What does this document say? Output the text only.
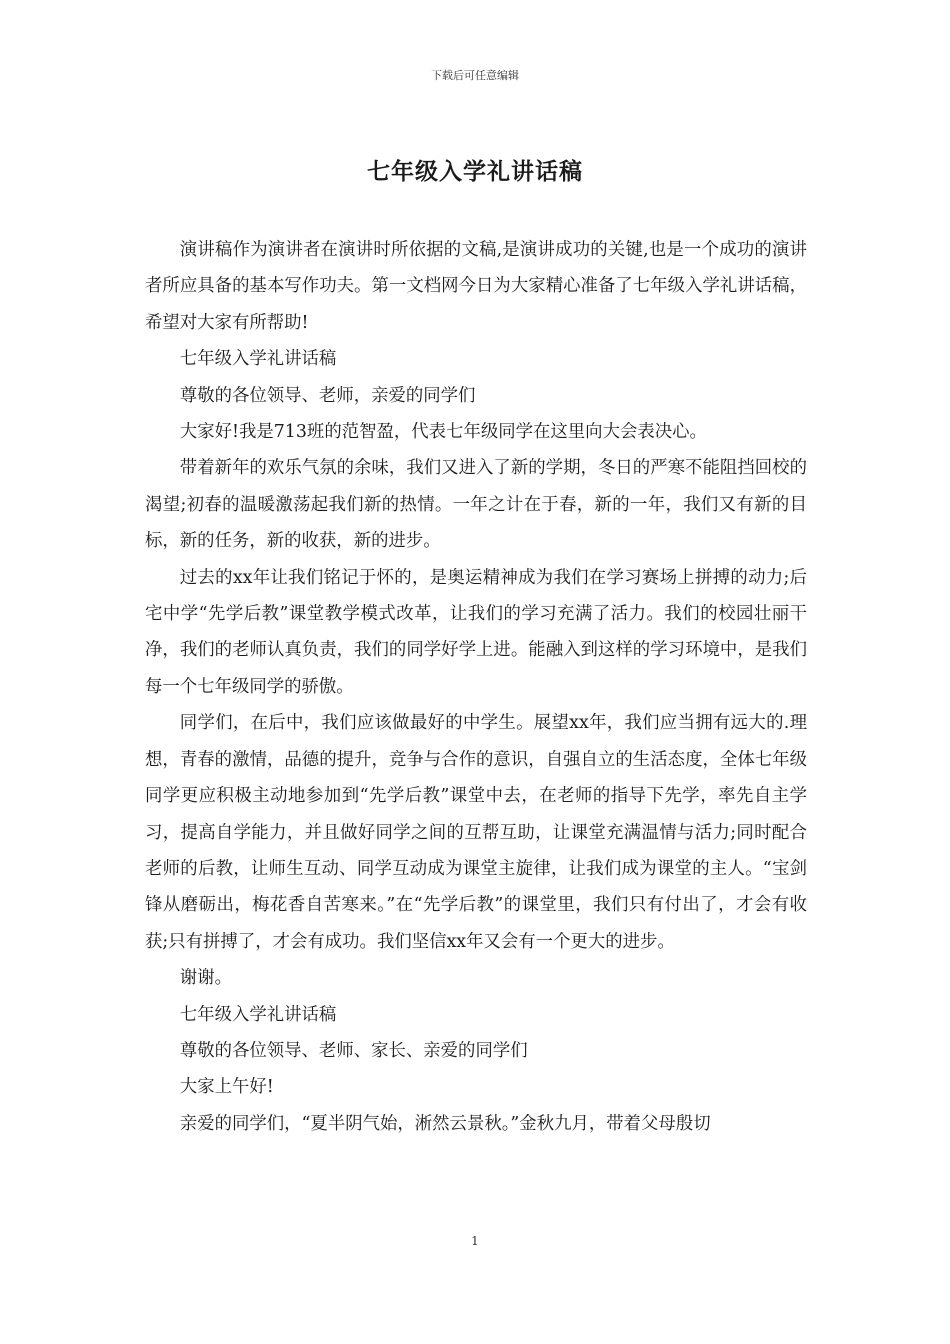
下载后可任意编辑
七年级入学礼讲话稿

演讲稿作为演讲者在演讲时所依据的文稿,是演讲成功的关键,也是一个成功的演讲者所应具备的基本写作功夫。第一文档网今日为大家精心准备了七年级入学礼讲话稿，希望对大家有所帮助!

七年级入学礼讲话稿

尊敬的各位领导、老师，亲爱的同学们

大家好!我是713班的范智盈，代表七年级同学在这里向大会表决心。

带着新年的欢乐气氛的余味，我们又进入了新的学期，冬日的严寒不能阻挡回校的渴望;初春的温暖激荡起我们新的热情。一年之计在于春，新的一年，我们又有新的目标，新的任务，新的收获，新的进步。

过去的xx年让我们铭记于怀的，是奥运精神成为我们在学习赛场上拼搏的动力;后宅中学“先学后教”课堂教学模式改革，让我们的学习充满了活力。我们的校园壮丽干净，我们的老师认真负责，我们的同学好学上进。能融入到这样的学习环境中，是我们每一个七年级同学的骄傲。

同学们，在后中，我们应该做最好的中学生。展望xx年，我们应当拥有远大的.理想，青春的激情，品德的提升，竞争与合作的意识，自强自立的生活态度，全体七年级同学更应积极主动地参加到“先学后教”课堂中去，在老师的指导下先学，率先自主学习，提高自学能力，并且做好同学之间的互帮互助，让课堂充满温情与活力;同时配合老师的后教，让师生互动、同学互动成为课堂主旋律，让我们成为课堂的主人。“宝剑锋从磨砺出，梅花香自苦寒来。”在“先学后教”的课堂里，我们只有付出了，才会有收获;只有拼搏了，才会有成功。我们坚信xx年又会有一个更大的进步。

谢谢。

七年级入学礼讲话稿

尊敬的各位领导、老师、家长、亲爱的同学们

大家上午好!

亲爱的同学们，“夏半阴气始，淅然云景秋。”金秋九月，带着父母殷切

1
